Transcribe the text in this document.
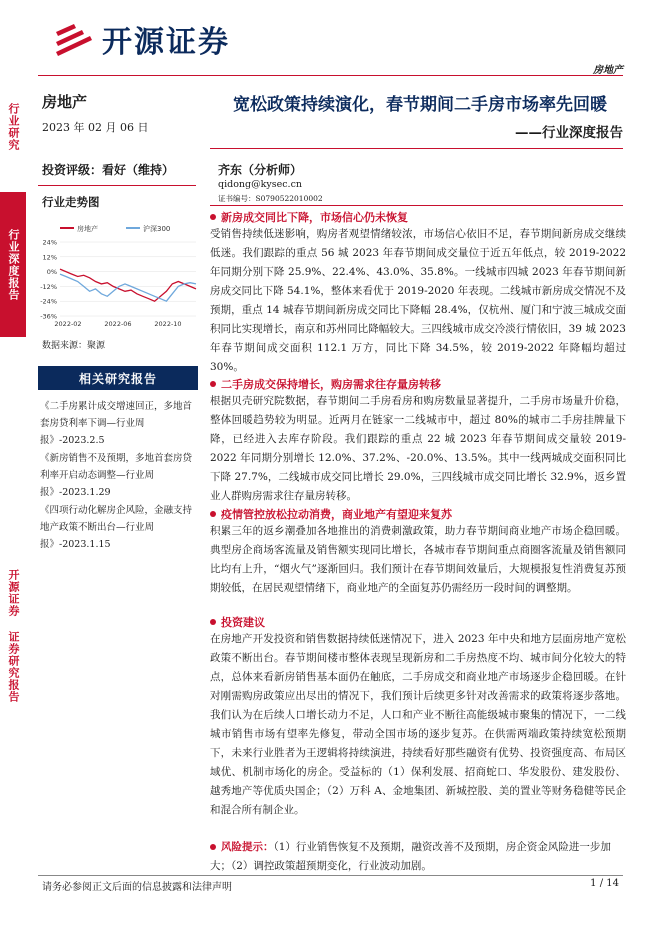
开源证券
房地产
行业研究
行业深度报告
开源证券 证券研究报告
房地产
2023 年 02 月 06 日
投资评级：看好（维持）
行业走势图
房地产	沪深300
24%
12%
0%
-12%
-24%
-36%
2022-02	2022-06	2022-10
数据来源：聚源
相关研究报告
《二手房累计成交增速回正，多地首套房贷利率下调—行业周报》-2023.2.5
《新房销售不及预期，多地首套房贷利率开启动态调整—行业周报》-2023.1.29
《四项行动化解房企风险，金融支持地产政策不断出台—行业周报》-2023.1.15
宽松政策持续演化，春节期间二手房市场率先回暖
——行业深度报告
齐东（分析师）
qidong@kysec.cn
证书编号：S0790522010002
新房成交同比下降，市场信心仍未恢复
受销售持续低迷影响，购房者观望情绪较浓，市场信心依旧不足，春节期间新房成交继续低迷。我们跟踪的重点 56 城 2023 年春节期间成交量位于近五年低点，较 2019-2022 年同期分别下降 25.9%、22.4%、43.0%、35.8%。一线城市四城 2023 年春节期间新房成交同比下降 54.1%，整体来看优于 2019-2020 年表现。二线城市新房成交情况不及预期，重点 14 城春节期间新房成交同比下降幅 28.4%，仅杭州、厦门和宁波三城成交面积同比实现增长，南京和苏州同比降幅较大。三四线城市成交冷淡行情依旧，39 城 2023 年春节期间成交面积 112.1 万方，同比下降 34.5%，较 2019-2022 年降幅均超过 30%。
二手房成交保持增长，购房需求往存量房转移
根据贝壳研究院数据，春节期间二手房看房和购房数量显著提升，二手房市场量升价稳，整体回暖趋势较为明显。近两月在链家一二线城市中，超过 80%的城市二手房挂牌量下降，已经进入去库存阶段。我们跟踪的重点 22 城 2023 年春节期间成交量较 2019-2022 年同期分别增长 12.0%、37.2%、-20.0%、13.5%。其中一线两城成交面积同比下降 27.7%，二线城市成交同比增长 29.0%，三四线城市成交同比增长 32.9%，返乡置业人群购房需求往存量房转移。
疫情管控放松拉动消费，商业地产有望迎来复苏
积累三年的返乡潮叠加各地推出的消费刺激政策，助力春节期间商业地产市场企稳回暖。典型房企商场客流量及销售额实现同比增长，各城市春节期间重点商圈客流量及销售额同比均有上升，“烟火气”逐渐回归。我们预计在春节期间效量后，大规模报复性消费复苏预期较低，在居民观望情绪下，商业地产的全面复苏仍需经历一段时间的调整期。
投资建议
在房地产开发投资和销售数据持续低迷情况下，进入 2023 年中央和地方层面房地产宽松政策不断出台。春节期间楼市整体表现呈现新房和二手房热度不均、城市间分化较大的特点，总体来看新房销售基本面仍在触底，二手房成交和商业地产市场逐步企稳回暖。在针对刚需购房政策应出尽出的情况下，我们预计后续更多针对改善需求的政策将逐步落地。我们认为在后续人口增长动力不足，人口和产业不断往高能级城市聚集的情况下，一二线城市销售市场有望率先修复，带动全国市场的逐步复苏。在供需两端政策持续宽松预期下，未来行业胜者为王逻辑将持续演进，持续看好那些融资有优势、投资强度高、布局区域优、机制市场化的房企。受益标的（1）保利发展、招商蛇口、华发股份、建发股份、越秀地产等优质央国企；（2）万科 A、金地集团、新城控股、美的置业等财务稳健等民企和混合所有制企业。
风险提示：（1）行业销售恢复不及预期，融资改善不及预期，房企资金风险进一步加大；（2）调控政策超预期变化，行业波动加剧。
请务必参阅正文后面的信息披露和法律声明	1 / 14
